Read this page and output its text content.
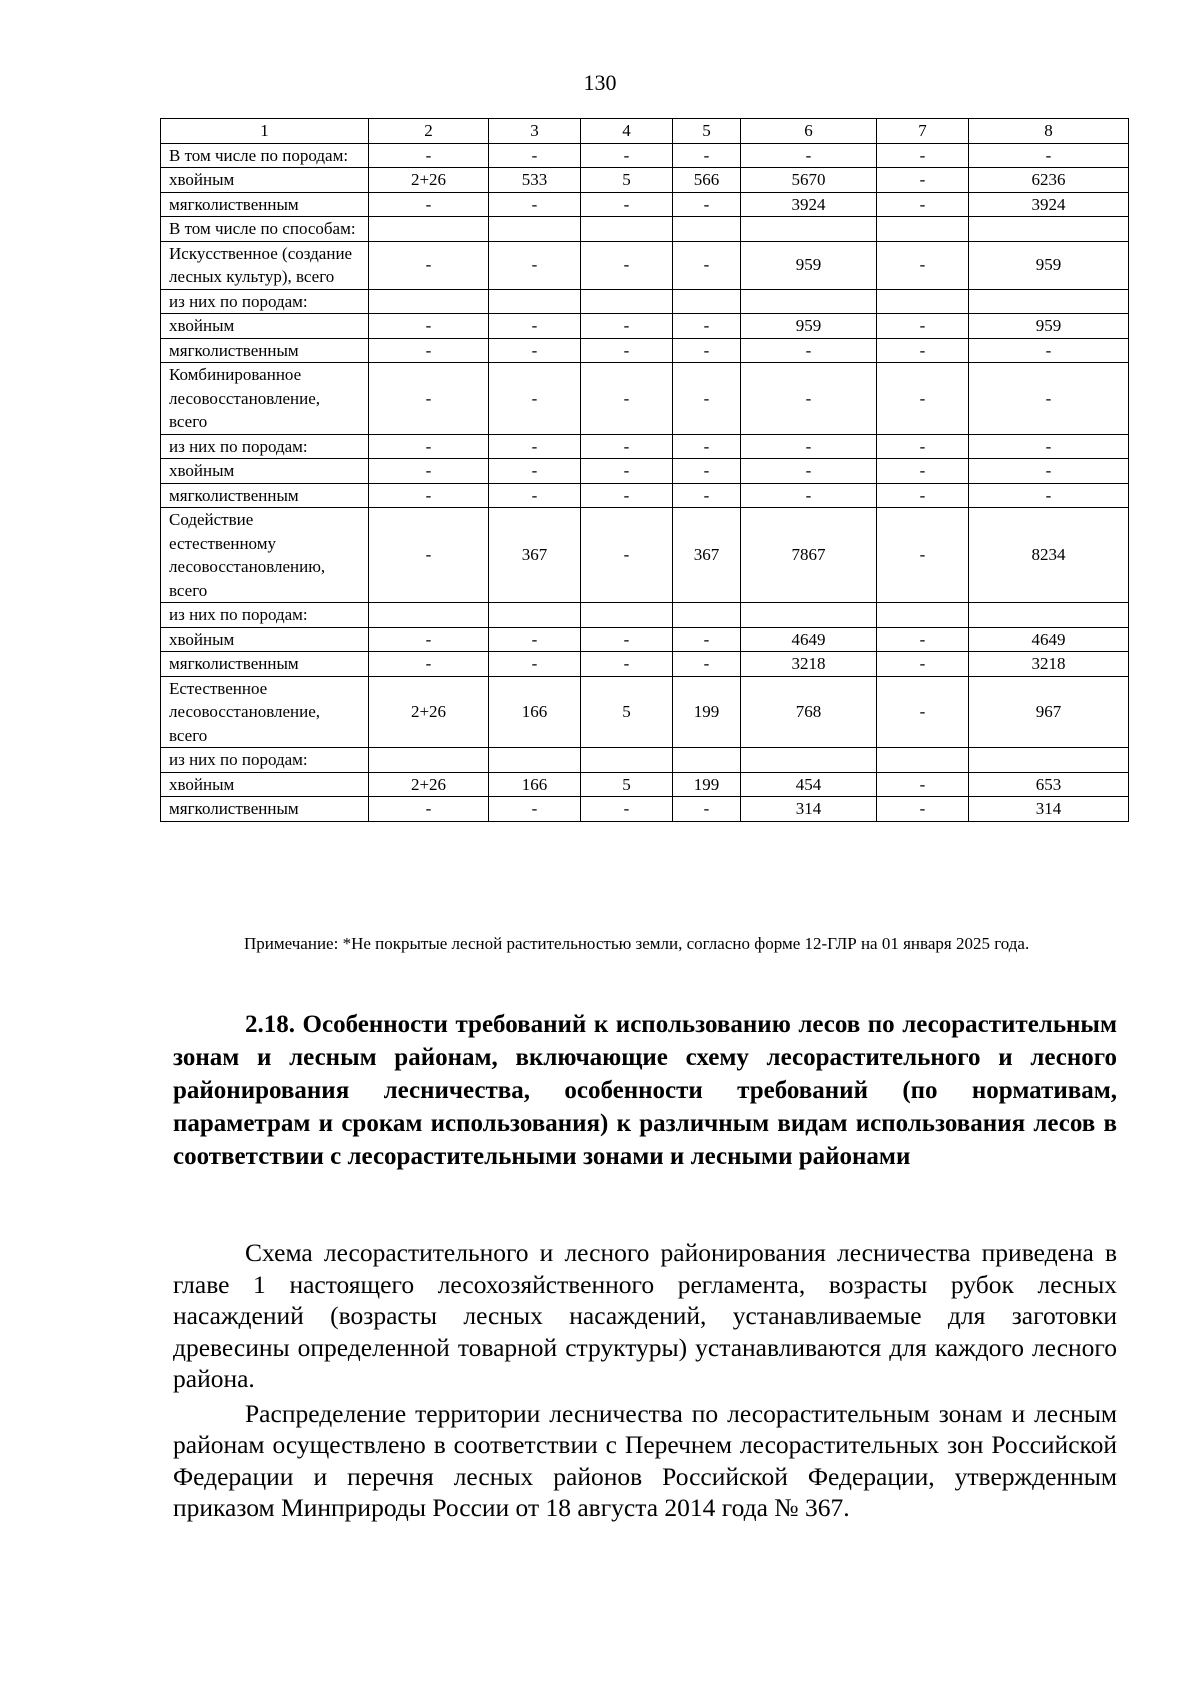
130
1	2	3	4	5	6	7	8
В том числе по породам:	-	-	-	-	-	-	-
хвойным	2+26	533	5	566	5670	-	6236
мягколиственным	-	-	-	-	3924	-	3924
В том числе по способам:							
Искусственное (создание лесных культур), всего	-	-	-	-	959	-	959
из них по породам:							
хвойным	-	-	-	-	959	-	959
мягколиственным	-	-	-	-	-	-	-
Комбинированное лесовосстановление, всего	-	-	-	-	-	-	-
из них по породам:	-	-	-	-	-	-	-
хвойным	-	-	-	-	-	-	-
мягколиственным	-	-	-	-	-	-	-
Содействие естественному лесовосстановлению, всего	-	367	-	367	7867	-	8234
из них по породам:							
хвойным	-	-	-	-	4649	-	4649
мягколиственным	-	-	-	-	3218	-	3218
Естественное лесовосстановление, всего	2+26	166	5	199	768	-	967
из них по породам:							
хвойным	2+26	166	5	199	454	-	653
мягколиственным	-	-	-	-	314	-	314
Примечание: *Не покрытые лесной растительностью земли, согласно форме 12-ГЛР на 01 января 2025 года.
2.18. Особенности требований к использованию лесов по лесорастительным зонам и лесным районам, включающие схему лесорастительного и лесного районирования лесничества, особенности требований (по нормативам, параметрам и срокам использования) к различным видам использования лесов в соответствии с лесорастительными зонами и лесными районами

Схема лесорастительного и лесного районирования лесничества приведена в главе 1 настоящего лесохозяйственного регламента, возрасты рубок лесных насаждений (возрасты лесных насаждений, устанавливаемые для заготовки древесины определенной товарной структуры) устанавливаются для каждого лесного района.

Распределение территории лесничества по лесорастительным зонам и лесным районам осуществлено в соответствии с Перечнем лесорастительных зон Российской Федерации и перечня лесных районов Российской Федерации, утвержденным приказом Минприроды России от 18 августа 2014 года № 367.
